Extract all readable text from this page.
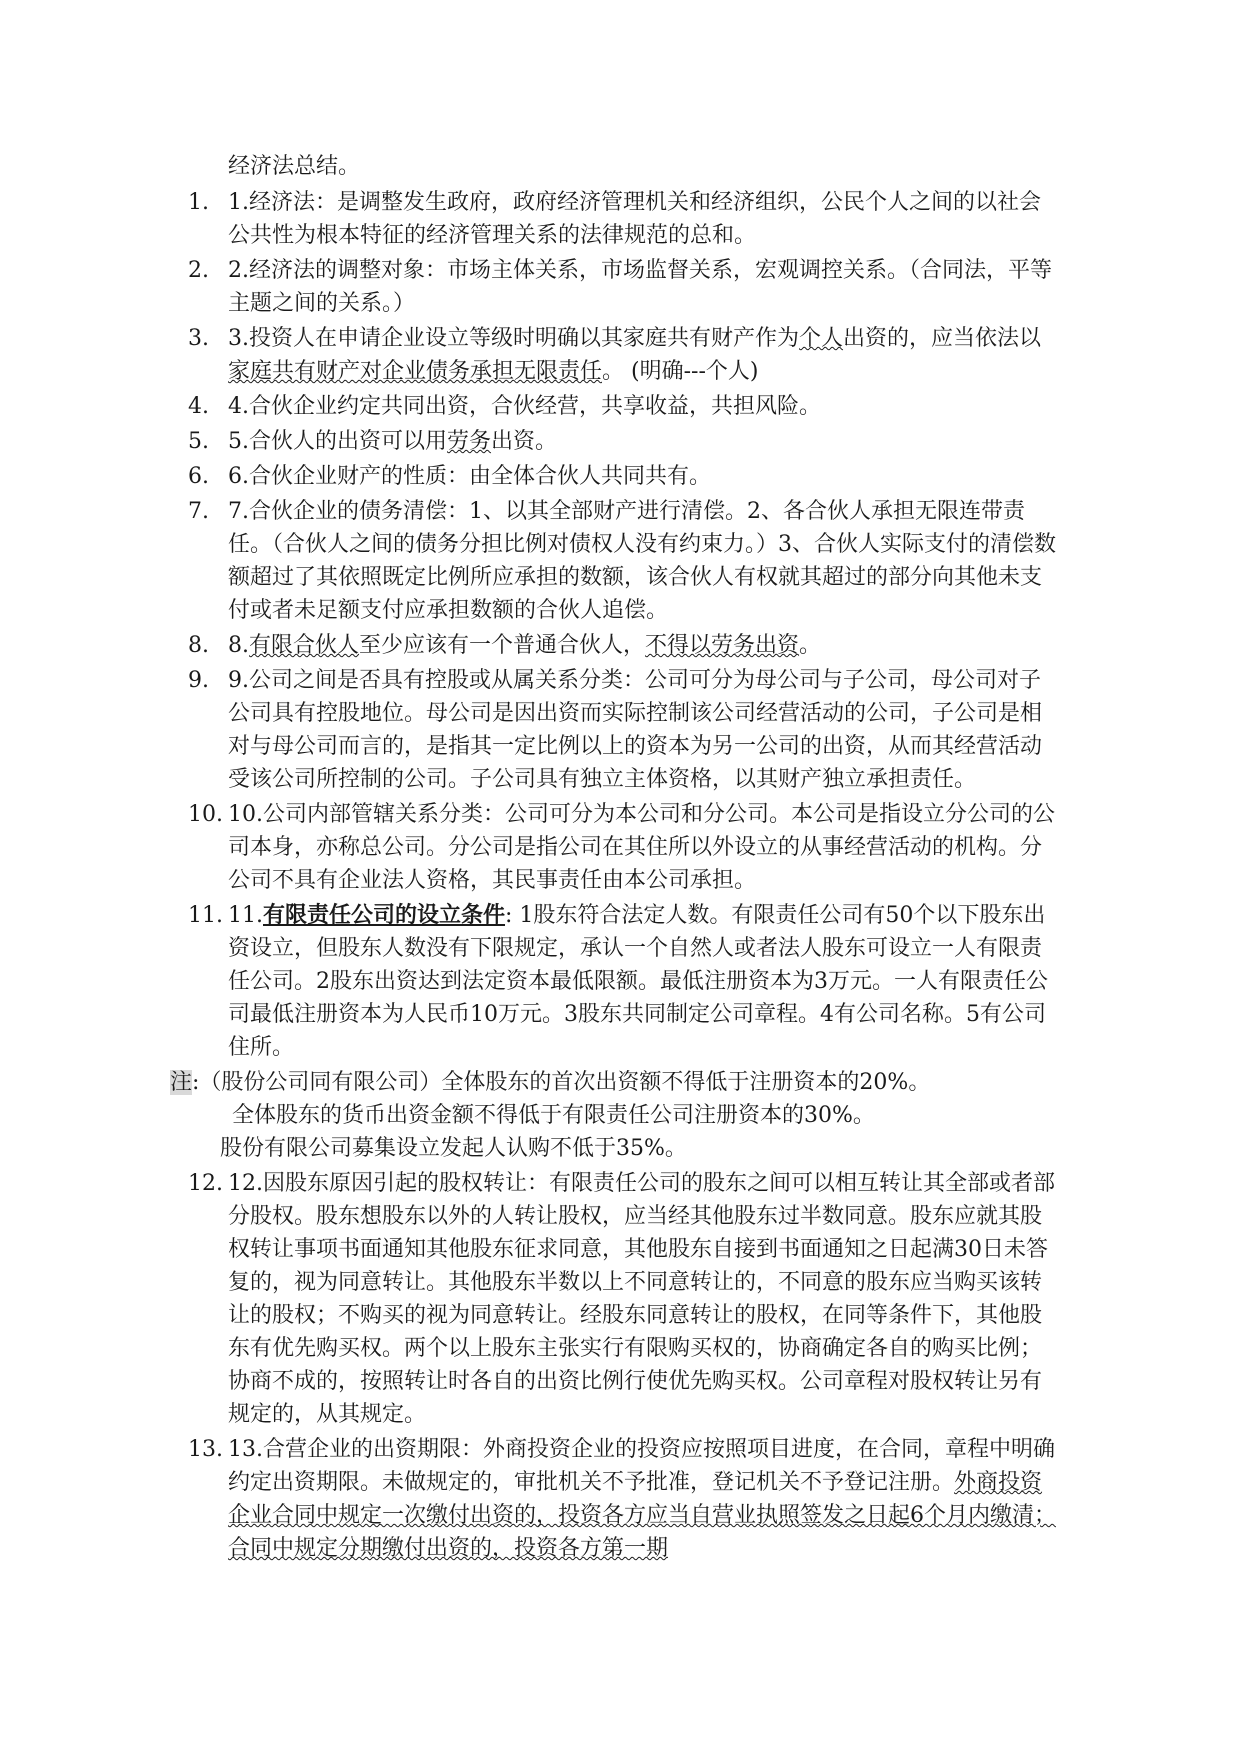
经济法总结。
1. 1.经济法：是调整发生政府，政府经济管理机关和经济组织，公民个人之间的以社会公共性为根本特征的经济管理关系的法律规范的总和。
2. 2.经济法的调整对象：市场主体关系，市场监督关系，宏观调控关系。（合同法，平等主题之间的关系。）
3. 3.投资人在申请企业设立等级时明确以其家庭共有财产作为个人出资的，应当依法以家庭共有财产对企业债务承担无限责任。 (明确---个人)
4. 4.合伙企业约定共同出资，合伙经营，共享收益，共担风险。
5. 5.合伙人的出资可以用劳务出资。
6. 6.合伙企业财产的性质：由全体合伙人共同共有。
7. 7.合伙企业的债务清偿：1、以其全部财产进行清偿。2、各合伙人承担无限连带责任。（合伙人之间的债务分担比例对债权人没有约束力。）3、合伙人实际支付的清偿数额超过了其依照既定比例所应承担的数额，该合伙人有权就其超过的部分向其他未支付或者未足额支付应承担数额的合伙人追偿。
8. 8.有限合伙人至少应该有一个普通合伙人，不得以劳务出资。
9. 9.公司之间是否具有控股或从属关系分类：公司可分为母公司与子公司，母公司对子公司具有控股地位。母公司是因出资而实际控制该公司经营活动的公司，子公司是相对与母公司而言的，是指其一定比例以上的资本为另一公司的出资，从而其经营活动受该公司所控制的公司。子公司具有独立主体资格，以其财产独立承担责任。
10. 10.公司内部管辖关系分类：公司可分为本公司和分公司。本公司是指设立分公司的公司本身，亦称总公司。分公司是指公司在其住所以外设立的从事经营活动的机构。分公司不具有企业法人资格，其民事责任由本公司承担。
11. 11.有限责任公司的设立条件: 1股东符合法定人数。有限责任公司有50个以下股东出资设立，但股东人数没有下限规定，承认一个自然人或者法人股东可设立一人有限责任公司。2股东出资达到法定资本最低限额。最低注册资本为3万元。一人有限责任公司最低注册资本为人民币10万元。3股东共同制定公司章程。4有公司名称。5有公司住所。
注:（股份公司同有限公司）全体股东的首次出资额不得低于注册资本的20%。
全体股东的货币出资金额不得低于有限责任公司注册资本的30%。
股份有限公司募集设立发起人认购不低于35%。
12. 12.因股东原因引起的股权转让：有限责任公司的股东之间可以相互转让其全部或者部分股权。股东想股东以外的人转让股权，应当经其他股东过半数同意。股东应就其股权转让事项书面通知其他股东征求同意，其他股东自接到书面通知之日起满30日未答复的，视为同意转让。其他股东半数以上不同意转让的，不同意的股东应当购买该转让的股权；不购买的视为同意转让。经股东同意转让的股权，在同等条件下，其他股东有优先购买权。两个以上股东主张实行有限购买权的，协商确定各自的购买比例；协商不成的，按照转让时各自的出资比例行使优先购买权。公司章程对股权转让另有规定的，从其规定。
13. 13.合营企业的出资期限：外商投资企业的投资应按照项目进度，在合同，章程中明确约定出资期限。未做规定的，审批机关不予批准，登记机关不予登记注册。外商投资企业合同中规定一次缴付出资的，投资各方应当自营业执照签发之日起6个月内缴清；合同中规定分期缴付出资的，投资各方第一期
